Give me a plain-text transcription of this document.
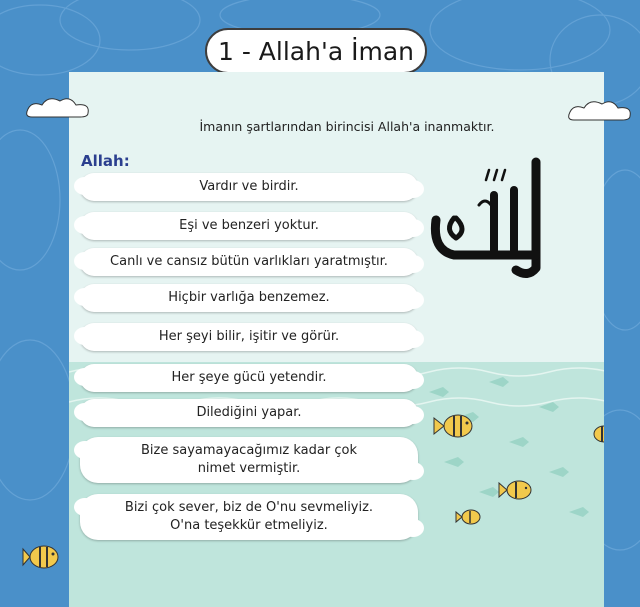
1 - Allah'a İman
İmanın şartlarından birincisi Allah'a inanmaktır.
Allah:
Vardır ve birdir.
Eşi ve benzeri yoktur.
Canlı ve cansız bütün varlıkları yaratmıştır.
Hiçbir varlığa benzemez.
Her şeyi bilir, işitir ve görür.
Her şeye gücü yetendir.
Dilediğini yapar.
Bize sayamayacağımız kadar çok
nimet vermiştir.
Bizi çok sever, biz de O'nu sevmeliyiz.
O'na teşekkür etmeliyiz.
